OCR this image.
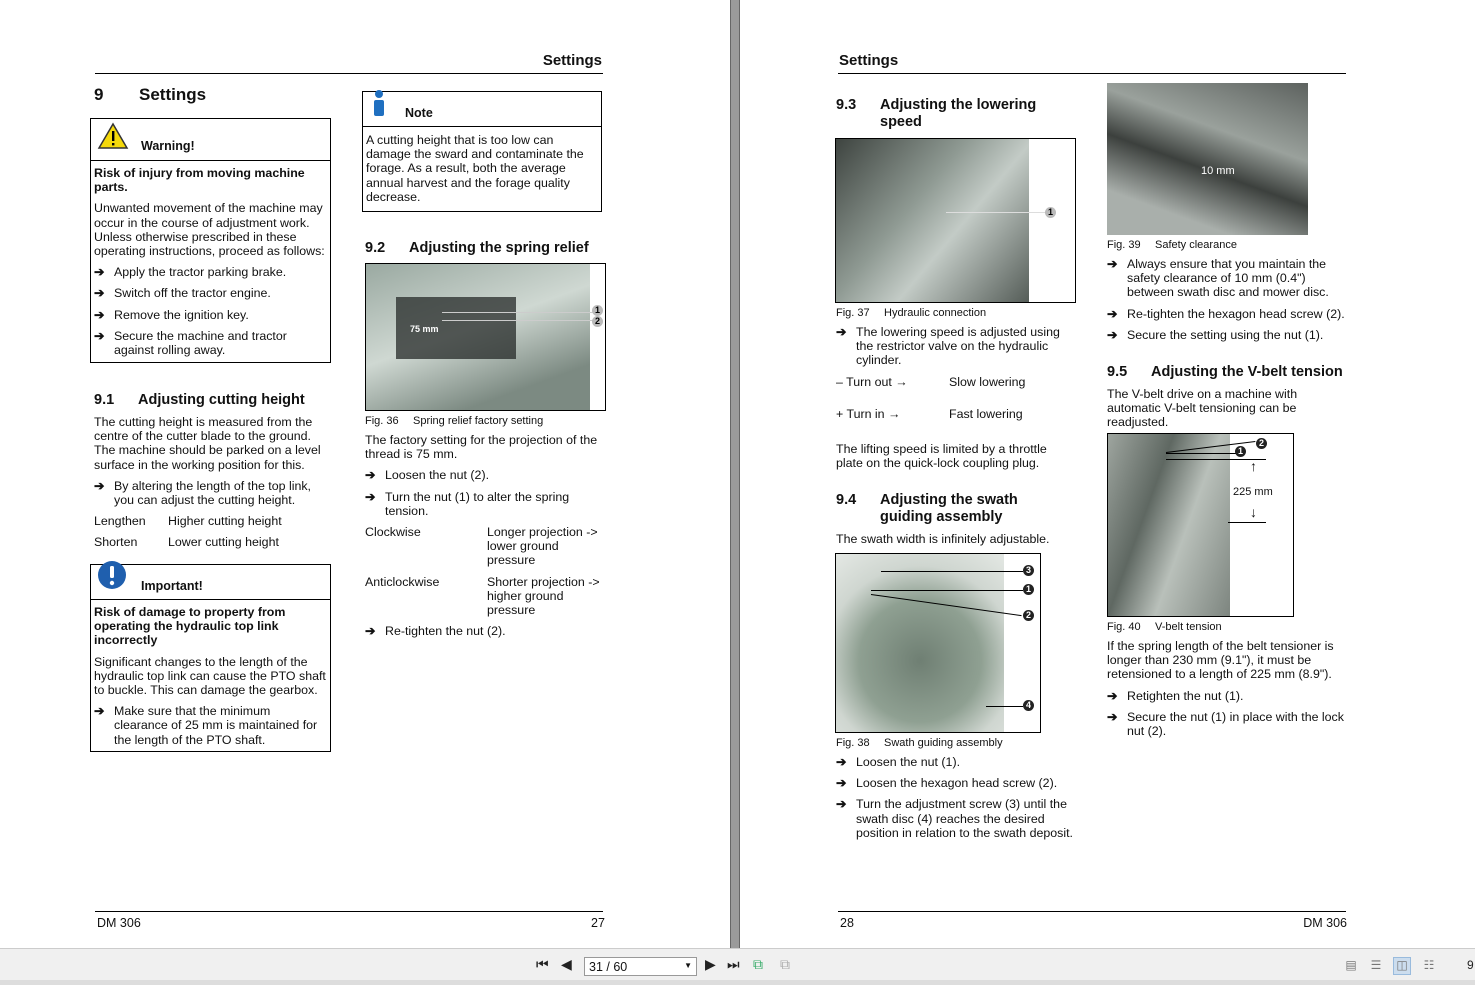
Settings
9 Settings
Warning!

Risk of injury from moving machine parts.

Unwanted movement of the machine may occur in the course of adjustment work. Unless otherwise prescribed in these operating instructions, proceed as follows:

➔ Apply the tractor parking brake.
➔ Switch off the tractor engine.
➔ Remove the ignition key.
➔ Secure the machine and tractor against rolling away.
9.1 Adjusting cutting height

The cutting height is measured from the centre of the cutter blade to the ground. The machine should be parked on a level surface in the working position for this.

➔ By altering the length of the top link, you can adjust the cutting height.
Lengthen	Higher cutting height
Shorten	Lower cutting height
Important!

Risk of damage to property from operating the hydraulic top link incorrectly

Significant changes to the length of the hydraulic top link can cause the PTO shaft to buckle. This can damage the gearbox.

➔ Make sure that the minimum clearance of 25 mm is maintained for the length of the PTO shaft.
Note

A cutting height that is too low can damage the sward and contaminate the forage. As a result, both the average annual harvest and the forage quality decrease.

9.2 Adjusting the spring relief
75 mm
1
2
Fig. 36 Spring relief factory setting

The factory setting for the projection of the thread is 75 mm.

➔ Loosen the nut (2).
➔ Turn the nut (1) to alter the spring tension.
Clockwise	Longer projection -> lower ground pressure
Anticlockwise	Shorter projection -> higher ground pressure
➔ Re-tighten the nut (2).
DM 306	27
Settings
9.3	Adjusting the lowering speed
1
Fig. 37 Hydraulic connection
➔ The lowering speed is adjusted using the restrictor valve on the hydraulic cylinder.
– Turn out →	Slow lowering
+ Turn in →	Fast lowering

The lifting speed is limited by a throttle plate on the quick-lock coupling plug.

9.4	Adjusting the swath guiding assembly
The swath width is infinitely adjustable.
3
1
2
4
Fig. 38 Swath guiding assembly
➔ Loosen the nut (1).
➔ Loosen the hexagon head screw (2).
➔ Turn the adjustment screw (3) until the swath disc (4) reaches the desired position in relation to the swath deposit.
10 mm
Fig. 39 Safety clearance
➔ Always ensure that you maintain the safety clearance of 10 mm (0.4") between swath disc and mower disc.
➔ Re-tighten the hexagon head screw (2).
➔ Secure the setting using the nut (1).
9.5 Adjusting the V-belt tension
The V-belt drive on a machine with automatic V-belt tensioning can be readjusted.
2
1
↑
225 mm
↓
Fig. 40 V-belt tension

If the spring length of the belt tensioner is longer than 230 mm (9.1"), it must be retensioned to a length of 225 mm (8.9").

➔ Retighten the nut (1).
➔ Secure the nut (1) in place with the lock nut (2).
28	DM 306
⏮ ◀	31 / 60	▼ ▶ ⏭ ⧉ ⧉	▤	☰	◫	☷	9
